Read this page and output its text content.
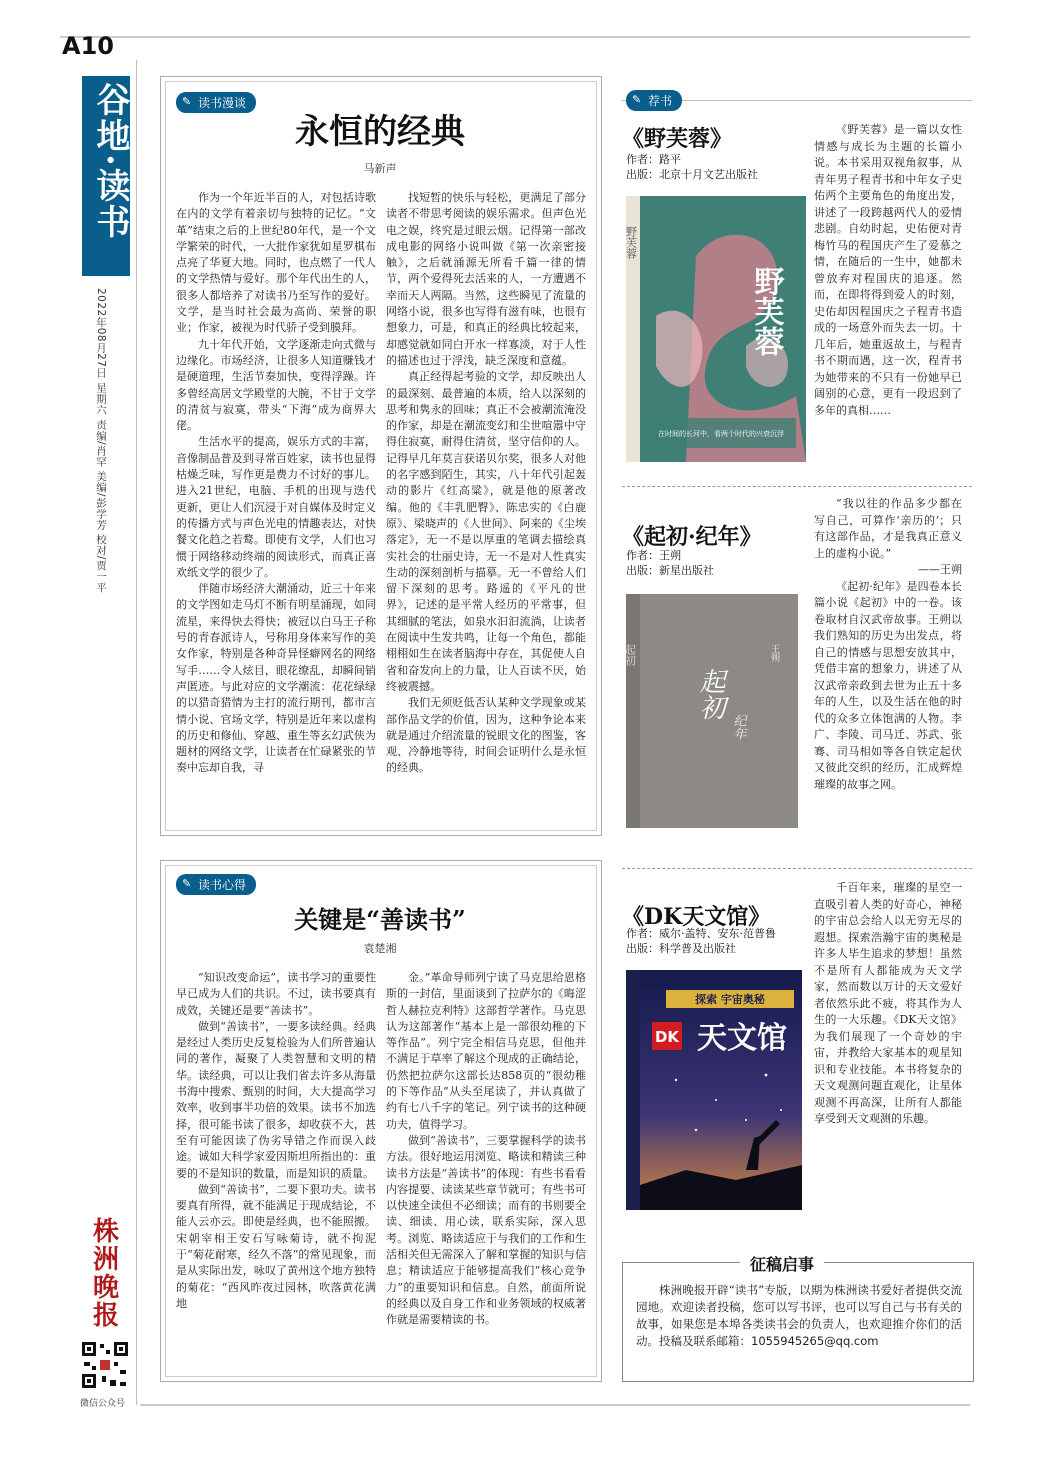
A10
谷地·读书
2022年08月27日 星期六 责编/肖罕 美编/彭学芳 校对/贾一平
株
洲
晚
报
微信公众号
✎ 读书漫谈
永恒的经典
马新声

作为一个年近半百的人，对包括诗歌在内的文学有着亲切与独特的记忆。“文革”结束之后的上世纪80年代，是一个文学繁荣的时代，一大批作家犹如星罗棋布点亮了华夏大地。同时，也点燃了一代人的文学热情与爱好。那个年代出生的人，很多人都培养了对读书乃至写作的爱好。文学，是当时社会最为高尚、荣誉的职业；作家，被视为时代骄子受到膜拜。

九十年代开始，文学逐渐走向式微与边缘化。市场经济，让很多人知道赚钱才是硬道理，生活节奏加快，变得浮躁。许多曾经高居文学殿堂的大腕，不甘于文学的清贫与寂寞，带头“下海”成为商界大佬。

生活水平的提高，娱乐方式的丰富，音像制品普及到寻常百姓家，读书也显得枯燥乏味，写作更是费力不讨好的事儿。进入21世纪，电脑、手机的出现与迭代更新，更让人们沉浸于对自媒体及时定义的传播方式与声色光电的情趣表达，对快餐文化趋之若鹜。即使有文学，人们也习惯于网络移动终端的阅读形式，而真正喜欢纸文学的很少了。

伴随市场经济大潮涌动，近三十年来的文学图如走马灯不断有明星涌现，如同流星，来得快去得快；被冠以白马王子称号的青春派诗人，号称用身体来写作的美女作家，特别是各种奇异怪癖网名的网络写手……令人炫目，眼花缭乱，却瞬间销声匿迹。与此对应的文学潮流：花花绿绿的以猎奇猎情为主打的流行期刊，都市言情小说、官场文学，特别是近年来以虚构的历史和修仙、穿越、重生等玄幻武侠为题材的网络文学，让读者在忙碌紧张的节奏中忘却自我，寻

找短暂的快乐与轻松，更满足了部分读者不带思考阅读的娱乐需求。但声色光电之娱，终究是过眼云烟。记得第一部改成电影的网络小说叫做《第一次亲密接触》，之后就涌源无所看千篇一律的情节，两个爱得死去活来的人，一方遭遇不幸而天人两隔。当然，这些瞬见了流量的网络小说，很多也写得有滋有味，也很有想象力，可是，和真正的经典比较起来，却感觉就如同白开水一样寡淡，对于人性的描述也过于浮浅，缺乏深度和意蕴。

真正经得起考验的文学，却反映出人的最深刻、最普遍的本质，给人以深刻的思考和隽永的回味；真正不会被潮流淹没的作家，却是在潮流变幻和尘世喧嚣中守得住寂寞，耐得住清贫，坚守信仰的人。记得早几年莫言获诺贝尔奖，很多人对他的名字感到陌生，其实，八十年代引起轰动的影片《红高粱》，就是他的原著改编。他的《丰乳肥臀》、陈忠实的《白鹿原》、梁晓声的《人世间》、阿来的《尘埃落定》，无一不是以厚重的笔调去描绘真实社会的壮丽史诗，无一不是对人性真实生动的深刻剖析与描摹。无一不曾给人们留下深刻的思考。路遥的《平凡的世界》，记述的是平常人经历的平常事，但其细腻的笔法，如泉水汩汩流淌，让读者在阅读中生发共鸣，让每一个角色，都能栩栩如生在读者脑海中存在，其促使人自省和奋发向上的力量，让人百读不厌，始终被震撼。

我们无须贬低否认某种文学现象或某部作品文学的价值，因为，这种争论本来就是通过介绍流量的锐眼文化的图鉴，客观、冷静地等待，时间会证明什么是永恒的经典。

✎ 读书心得
关键是“善读书”
袁楚湘

“知识改变命运”，读书学习的重要性早已成为人们的共识。不过，读书要真有成效，关键还是要“善读书”。

做到“善读书”，一要多读经典。经典是经过人类历史反复检验为人们所普遍认同的著作，凝聚了人类智慧和文明的精华。读经典，可以让我们省去许多从海量书海中搜索、甄别的时间，大大提高学习效率，收到事半功倍的效果。读书不加选择，很可能书读了很多，却收获不大，甚至有可能因读了伪劣导错之作而误入歧途。诚如大科学家爱因斯坦所指出的：重要的不是知识的数量，而是知识的质量。

做到“善读书”，二要下狠功夫。读书要真有所得，就不能满足于现成结论，不能人云亦云。即使是经典，也不能照搬。宋朝宰相王安石写咏菊诗，就不拘泥于“菊花耐寒，经久不落”的常见现象，而是从实际出发，咏叹了黄州这个地方独特的菊花：“西风昨夜过园林，吹落黄花满地

金。”革命导师列宁读了马克思给恩格斯的一封信，里面谈到了拉萨尔的《晦涩哲人赫拉克利特》这部哲学著作。马克思认为这部著作“基本上是一部很幼稚的下等作品”。列宁完全相信马克思，但他并不满足于草率了解这个现成的正确结论，仍然把拉萨尔这部长达858页的“很幼稚的下等作品”从头至尾读了，并认真做了约有七八千字的笔记。列宁读书的这种硬功夫，值得学习。

做到“善读书”，三要掌握科学的读书方法。很好地运用浏览、略读和精读三种读书方法是“善读书”的体现：有些书看看内容提要、读读某些章节就可；有些书可以快速全读但不必细读；而有的书则要全读、细读、用心读，联系实际，深入思考。浏览、略读适应于与我们的工作和生活相关但无需深入了解和掌握的知识与信息；精读适应于能够提高我们“核心竞争力”的重要知识和信息。自然，前面所说的经典以及自身工作和业务领域的权威著作就是需要精读的书。

✎ 荐书
《野芙蓉》
作者：路平
出版：北京十月文艺出版社
野芙蓉
野芙蓉
在时间的长河中，看两个时代的兴衰沉浮

《野芙蓉》是一篇以女性情感与成长为主题的长篇小说。本书采用双视角叙事，从青年男子程青书和中年女子史佑两个主要角色的角度出发，讲述了一段跨越两代人的爱情悲剧。自幼时起，史佑便对青梅竹马的程国庆产生了爱慕之情，在随后的一生中，她都未曾放弃对程国庆的追逐。然而，在即将得到爱人的时刻，史佑却因程国庆之子程青书造成的一场意外而失去一切。十几年后，她重返故土，与程青书不期而遇，这一次，程青书为她带来的不只有一份她早已阔别的心意，更有一段迟到了多年的真相……

《起初·纪年》
作者：王朔
出版：新星出版社
起初
起初
纪年
王朔

“我以往的作品多少都在写自己，可算作‘亲历的’；只有这部作品，才是我真正意义上的虚构小说。”

——王朔

《起初·纪年》是四卷本长篇小说《起初》中的一卷。该卷取材自汉武帝故事。王朔以我们熟知的历史为出发点，将自己的情感与思想安放其中，凭借丰富的想象力，讲述了从汉武帝亲政到去世为止五十多年的人生，以及生活在他的时代的众多立体饱满的人物。李广、李陵、司马迁、苏武、张骞、司马相如等各自铁定起伏又彼此交织的经历，汇成辉煌璀璨的故事之网。

《DK天文馆》
作者：威尔·盖特、安东·范普鲁
出版：科学普及出版社
探索 宇宙奥秘
DK 天文馆

千百年来，璀璨的星空一直吸引着人类的好奇心，神秘的宇宙总会给人以无穷无尽的遐想。探索浩瀚宇宙的奥秘是许多人毕生追求的梦想！虽然不是所有人都能成为天文学家，然而数以万计的天文爱好者依然乐此不疲，将其作为人生的一大乐趣。《DK天文馆》为我们展现了一个奇妙的宇宙，并教给大家基本的观星知识和专业技能。本书将复杂的天文观测问题直观化，让星体观测不再高深，让所有人都能享受到天文观测的乐趣。

征稿启事
株洲晚报开辟“读书”专版，以期为株洲读书爱好者提供交流园地。欢迎读者投稿，您可以写书评，也可以写自己与书有关的故事，如果您是本埠各类读书会的负责人，也欢迎推介你们的活动。投稿及联系邮箱：1055945265@qq.com
